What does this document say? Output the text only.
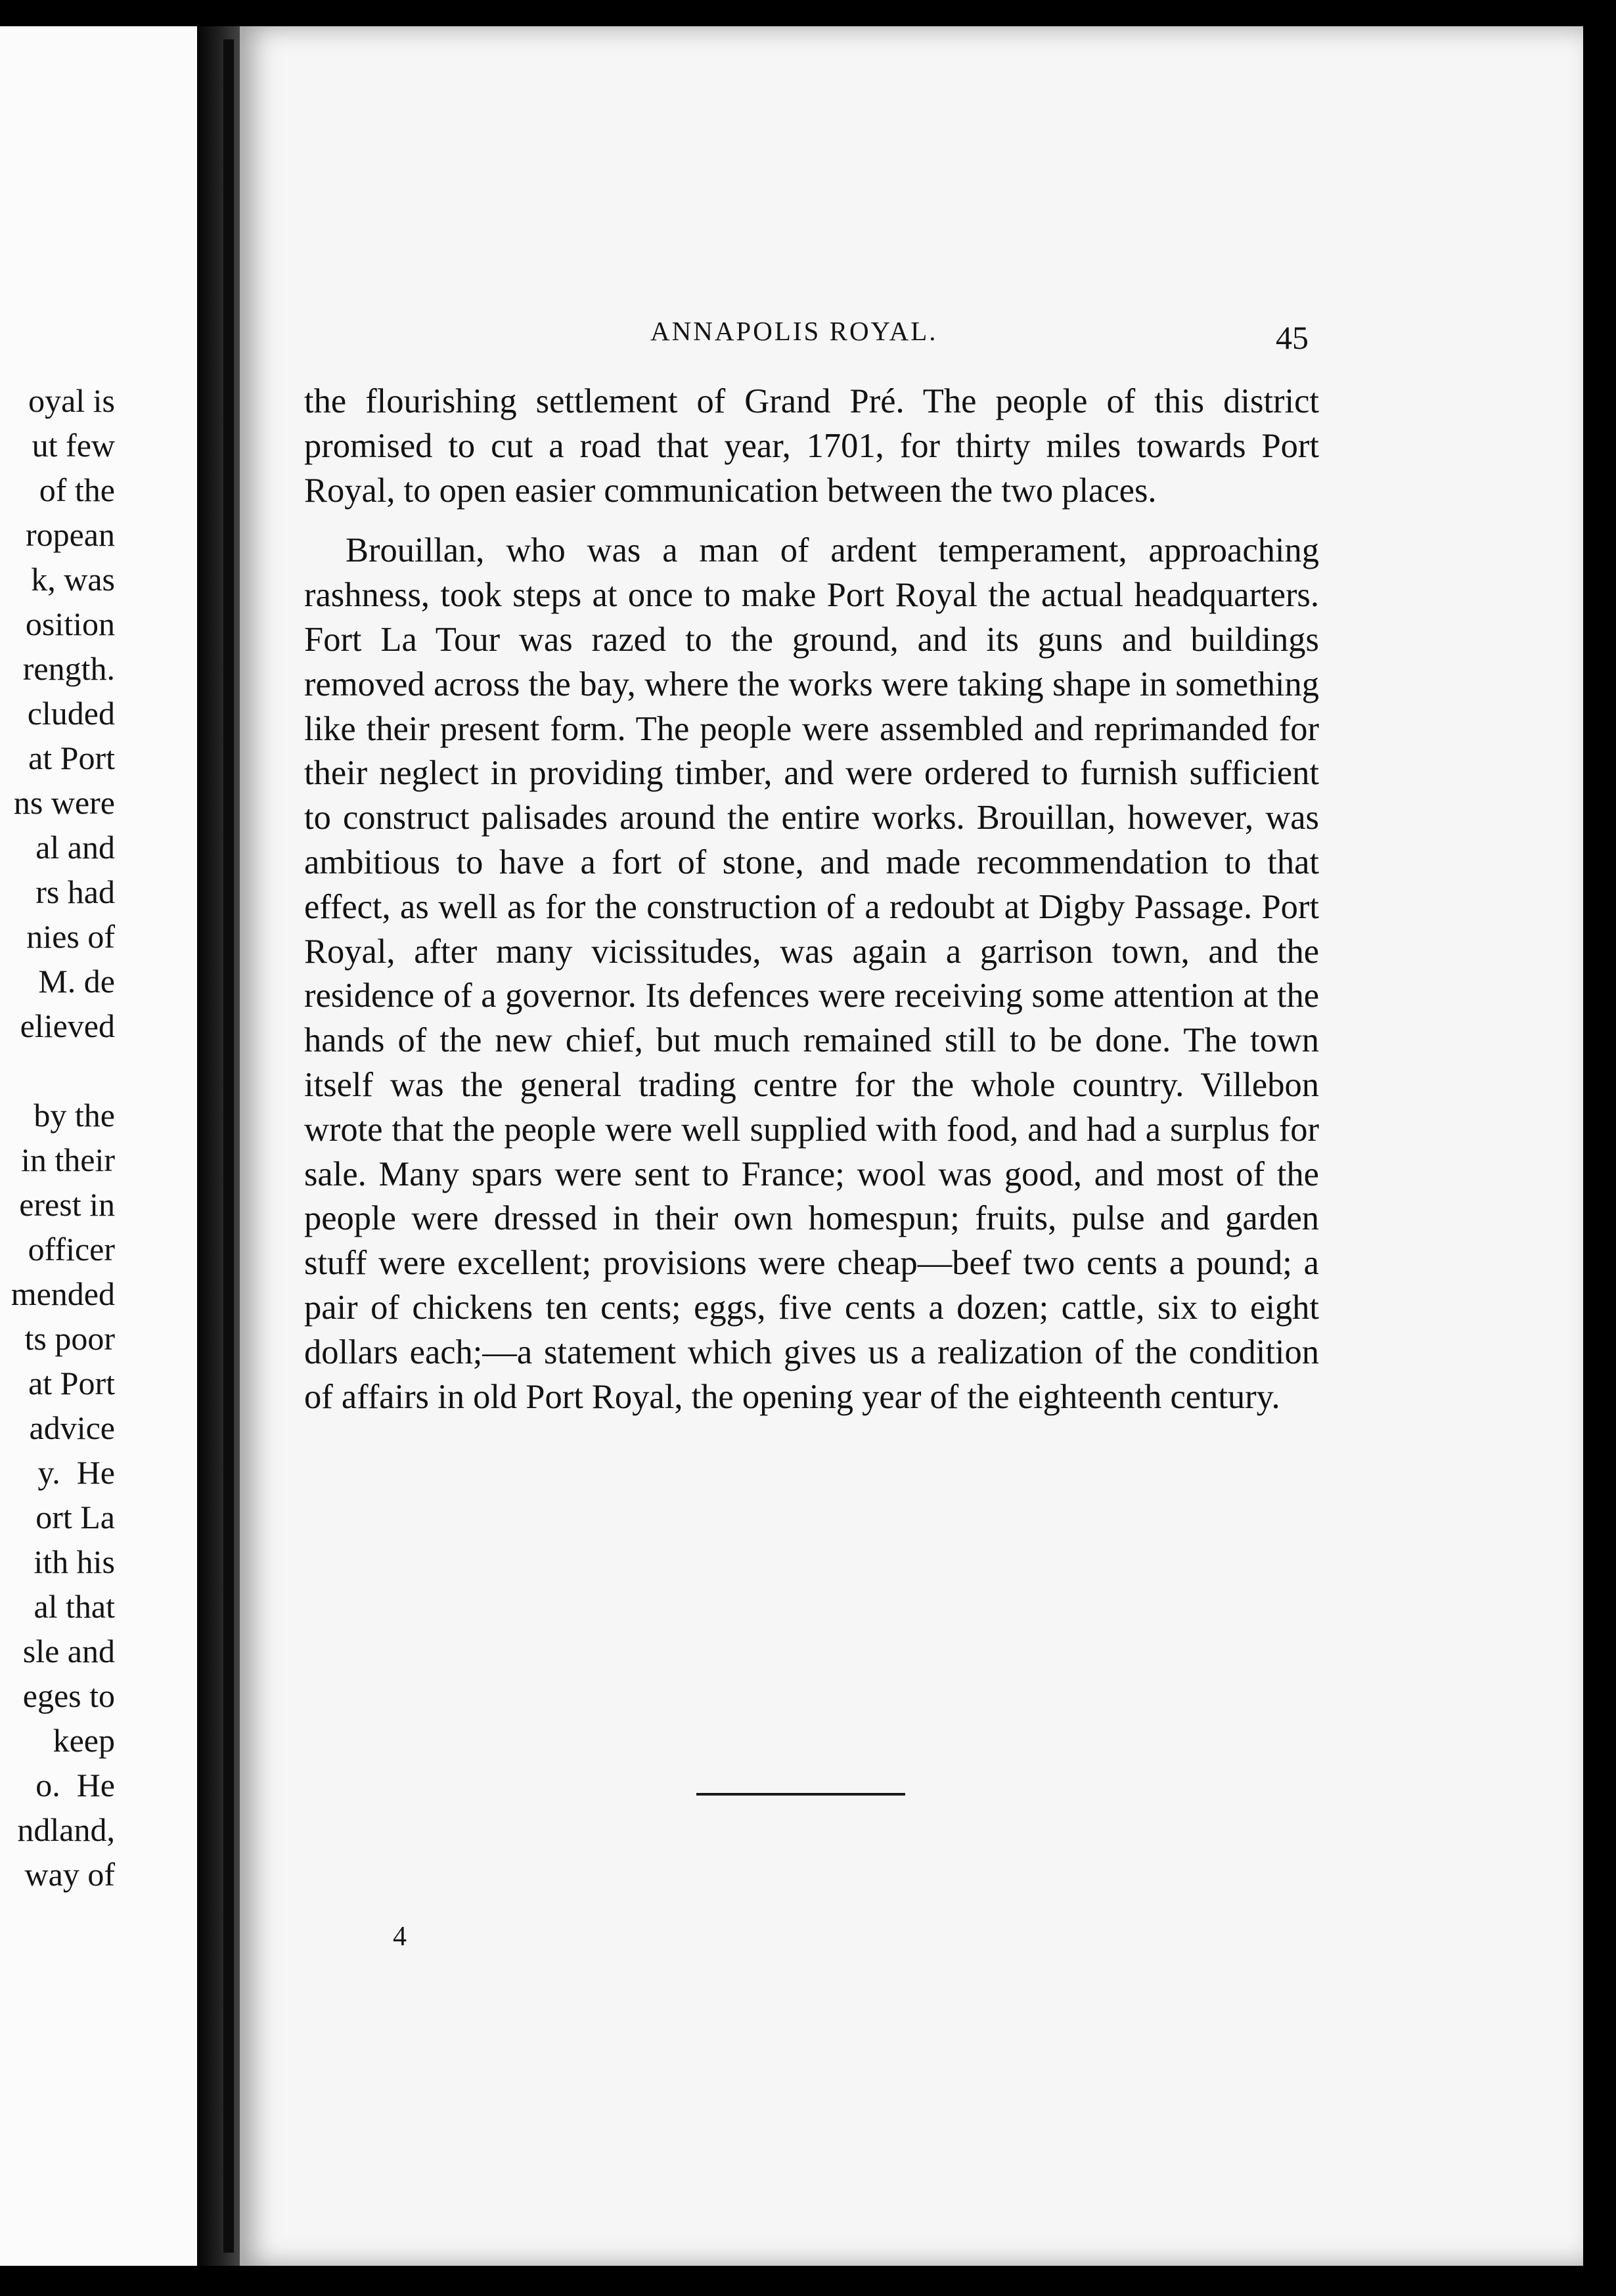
oyal is
ut few
of the
ropean
k, was
osition
rength.
cluded
at Port
ns were
al and
rs had
nies of
M. de
elieved

by the
in their
erest in
officer
mended
ts poor
at Port
advice
y.  He
ort La
ith his
al that
sle and
eges to
keep
o.  He
ndland,
way of
ANNAPOLIS ROYAL.	45

the flourishing settlement of Grand Pré. The people of this district promised to cut a road that year, 1701, for thirty miles towards Port Royal, to open easier communication between the two places.

Brouillan, who was a man of ardent temperament, approaching rashness, took steps at once to make Port Royal the actual headquarters. Fort La Tour was razed to the ground, and its guns and buildings removed across the bay, where the works were taking shape in something like their present form. The people were assembled and reprimanded for their neglect in providing timber, and were ordered to furnish sufficient to construct palisades around the entire works. Brouillan, however, was ambitious to have a fort of stone, and made recommendation to that effect, as well as for the construction of a redoubt at Digby Passage. Port Royal, after many vicissitudes, was again a garrison town, and the residence of a governor. Its defences were receiving some attention at the hands of the new chief, but much remained still to be done. The town itself was the general trading centre for the whole country. Villebon wrote that the people were well supplied with food, and had a surplus for sale. Many spars were sent to France; wool was good, and most of the people were dressed in their own homespun; fruits, pulse and garden stuff were excellent; provisions were cheap—beef two cents a pound; a pair of chickens ten cents; eggs, five cents a dozen; cattle, six to eight dollars each;—a statement which gives us a realization of the condition of affairs in old Port Royal, the opening year of the eighteenth century.

4
